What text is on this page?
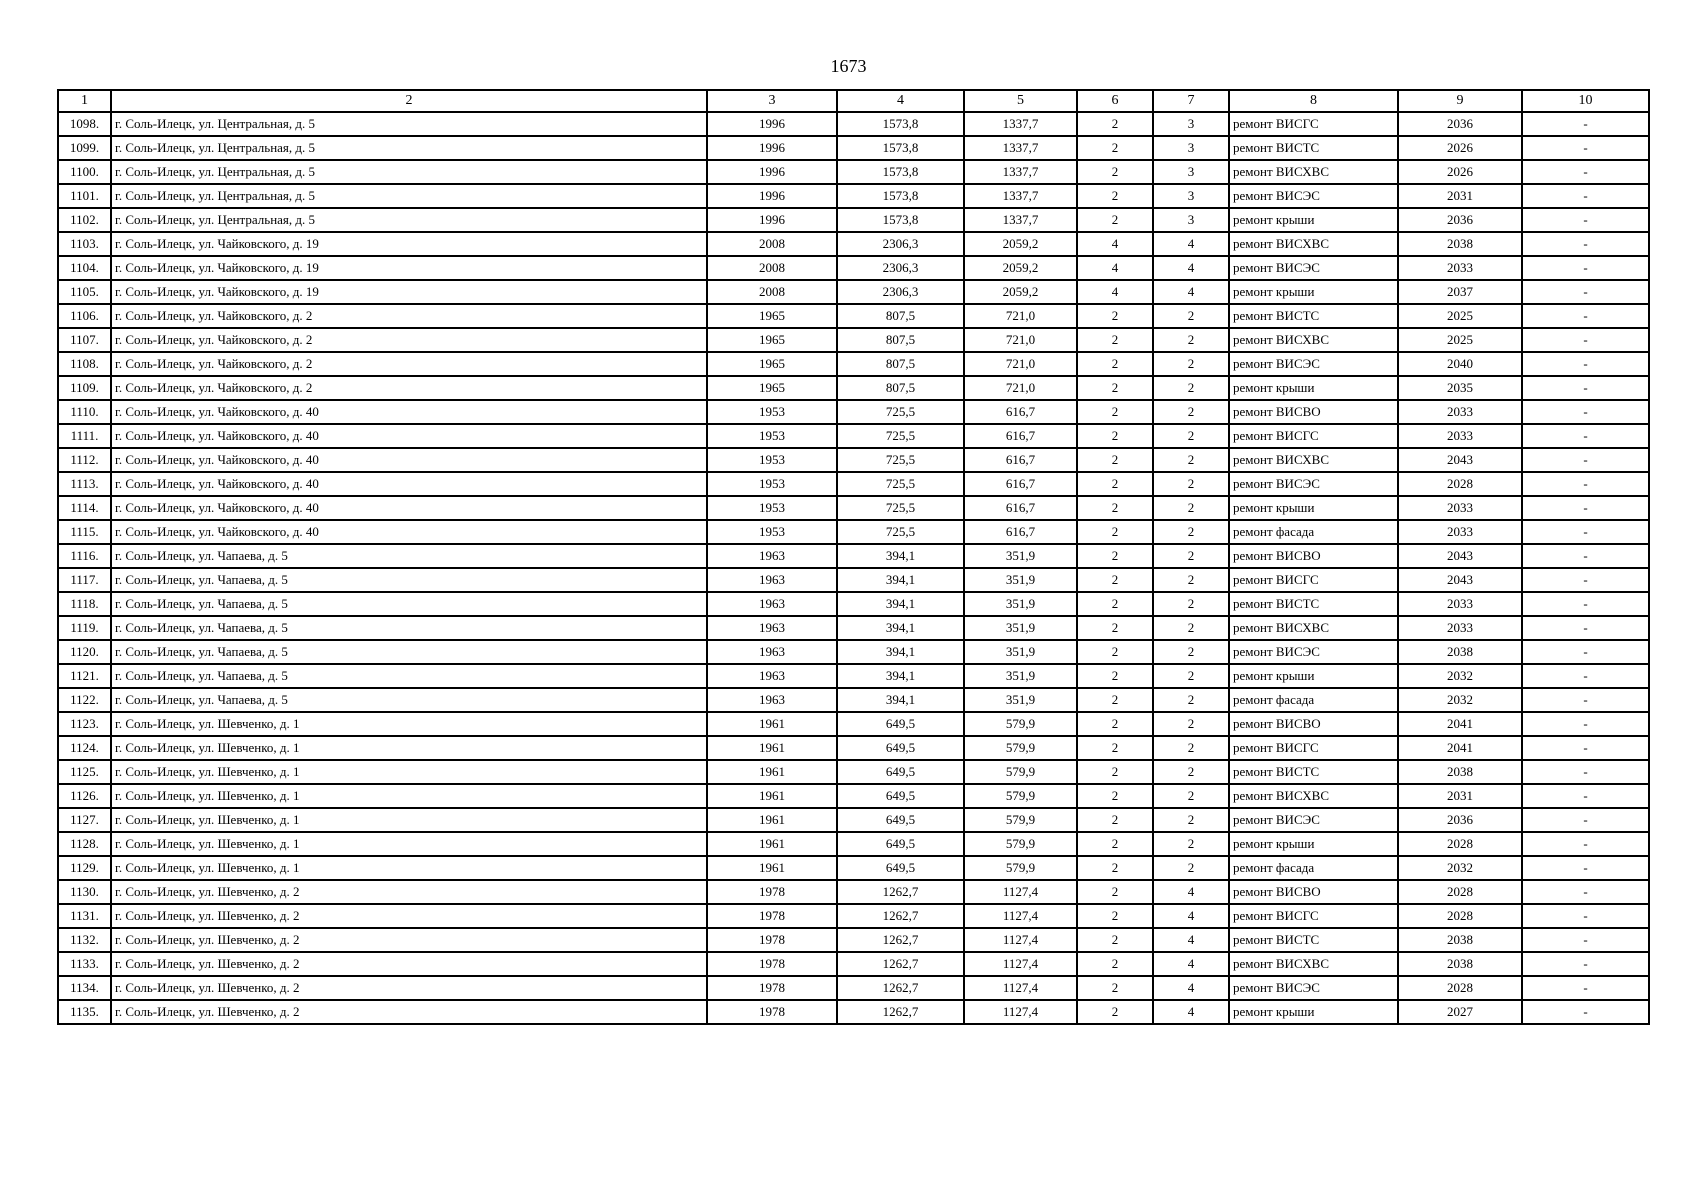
1673
1	2	3	4	5	6	7	8	9	10
1098.	г. Соль-Илецк, ул. Центральная, д. 5	1996	1573,8	1337,7	2	3	ремонт ВИСГС	2036	-
1099.	г. Соль-Илецк, ул. Центральная, д. 5	1996	1573,8	1337,7	2	3	ремонт ВИСТС	2026	-
1100.	г. Соль-Илецк, ул. Центральная, д. 5	1996	1573,8	1337,7	2	3	ремонт ВИСХВС	2026	-
1101.	г. Соль-Илецк, ул. Центральная, д. 5	1996	1573,8	1337,7	2	3	ремонт ВИСЭС	2031	-
1102.	г. Соль-Илецк, ул. Центральная, д. 5	1996	1573,8	1337,7	2	3	ремонт крыши	2036	-
1103.	г. Соль-Илецк, ул. Чайковского, д. 19	2008	2306,3	2059,2	4	4	ремонт ВИСХВС	2038	-
1104.	г. Соль-Илецк, ул. Чайковского, д. 19	2008	2306,3	2059,2	4	4	ремонт ВИСЭС	2033	-
1105.	г. Соль-Илецк, ул. Чайковского, д. 19	2008	2306,3	2059,2	4	4	ремонт крыши	2037	-
1106.	г. Соль-Илецк, ул. Чайковского, д. 2	1965	807,5	721,0	2	2	ремонт ВИСТС	2025	-
1107.	г. Соль-Илецк, ул. Чайковского, д. 2	1965	807,5	721,0	2	2	ремонт ВИСХВС	2025	-
1108.	г. Соль-Илецк, ул. Чайковского, д. 2	1965	807,5	721,0	2	2	ремонт ВИСЭС	2040	-
1109.	г. Соль-Илецк, ул. Чайковского, д. 2	1965	807,5	721,0	2	2	ремонт крыши	2035	-
1110.	г. Соль-Илецк, ул. Чайковского, д. 40	1953	725,5	616,7	2	2	ремонт ВИСВО	2033	-
1111.	г. Соль-Илецк, ул. Чайковского, д. 40	1953	725,5	616,7	2	2	ремонт ВИСГС	2033	-
1112.	г. Соль-Илецк, ул. Чайковского, д. 40	1953	725,5	616,7	2	2	ремонт ВИСХВС	2043	-
1113.	г. Соль-Илецк, ул. Чайковского, д. 40	1953	725,5	616,7	2	2	ремонт ВИСЭС	2028	-
1114.	г. Соль-Илецк, ул. Чайковского, д. 40	1953	725,5	616,7	2	2	ремонт крыши	2033	-
1115.	г. Соль-Илецк, ул. Чайковского, д. 40	1953	725,5	616,7	2	2	ремонт фасада	2033	-
1116.	г. Соль-Илецк, ул. Чапаева, д. 5	1963	394,1	351,9	2	2	ремонт ВИСВО	2043	-
1117.	г. Соль-Илецк, ул. Чапаева, д. 5	1963	394,1	351,9	2	2	ремонт ВИСГС	2043	-
1118.	г. Соль-Илецк, ул. Чапаева, д. 5	1963	394,1	351,9	2	2	ремонт ВИСТС	2033	-
1119.	г. Соль-Илецк, ул. Чапаева, д. 5	1963	394,1	351,9	2	2	ремонт ВИСХВС	2033	-
1120.	г. Соль-Илецк, ул. Чапаева, д. 5	1963	394,1	351,9	2	2	ремонт ВИСЭС	2038	-
1121.	г. Соль-Илецк, ул. Чапаева, д. 5	1963	394,1	351,9	2	2	ремонт крыши	2032	-
1122.	г. Соль-Илецк, ул. Чапаева, д. 5	1963	394,1	351,9	2	2	ремонт фасада	2032	-
1123.	г. Соль-Илецк, ул. Шевченко, д. 1	1961	649,5	579,9	2	2	ремонт ВИСВО	2041	-
1124.	г. Соль-Илецк, ул. Шевченко, д. 1	1961	649,5	579,9	2	2	ремонт ВИСГС	2041	-
1125.	г. Соль-Илецк, ул. Шевченко, д. 1	1961	649,5	579,9	2	2	ремонт ВИСТС	2038	-
1126.	г. Соль-Илецк, ул. Шевченко, д. 1	1961	649,5	579,9	2	2	ремонт ВИСХВС	2031	-
1127.	г. Соль-Илецк, ул. Шевченко, д. 1	1961	649,5	579,9	2	2	ремонт ВИСЭС	2036	-
1128.	г. Соль-Илецк, ул. Шевченко, д. 1	1961	649,5	579,9	2	2	ремонт крыши	2028	-
1129.	г. Соль-Илецк, ул. Шевченко, д. 1	1961	649,5	579,9	2	2	ремонт фасада	2032	-
1130.	г. Соль-Илецк, ул. Шевченко, д. 2	1978	1262,7	1127,4	2	4	ремонт ВИСВО	2028	-
1131.	г. Соль-Илецк, ул. Шевченко, д. 2	1978	1262,7	1127,4	2	4	ремонт ВИСГС	2028	-
1132.	г. Соль-Илецк, ул. Шевченко, д. 2	1978	1262,7	1127,4	2	4	ремонт ВИСТС	2038	-
1133.	г. Соль-Илецк, ул. Шевченко, д. 2	1978	1262,7	1127,4	2	4	ремонт ВИСХВС	2038	-
1134.	г. Соль-Илецк, ул. Шевченко, д. 2	1978	1262,7	1127,4	2	4	ремонт ВИСЭС	2028	-
1135.	г. Соль-Илецк, ул. Шевченко, д. 2	1978	1262,7	1127,4	2	4	ремонт крыши	2027	-
